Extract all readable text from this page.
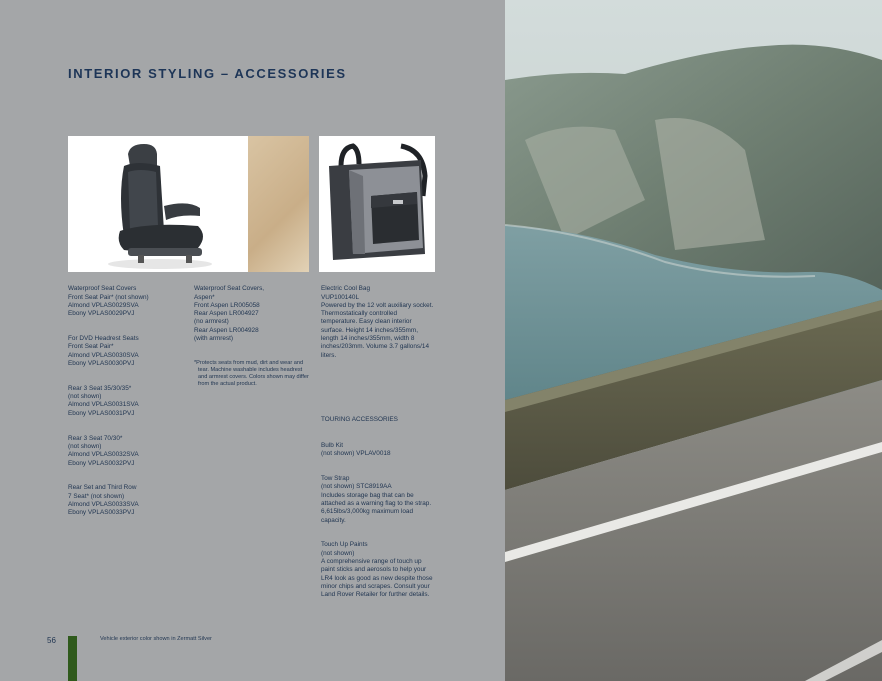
INTERIOR STYLING – ACCESSORIES

Waterproof Seat Covers
Front Seat Pair* (not shown)
Almond VPLAS0029SVA
Ebony VPLAS0029PVJ

For DVD Headrest Seats
Front Seat Pair*
Almond VPLAS0030SVA
Ebony VPLAS0030PVJ

Rear 3 Seat 35/30/35*
(not shown)
Almond VPLAS0031SVA
Ebony VPLAS0031PVJ

Rear 3 Seat 70/30*
(not shown)
Almond VPLAS0032SVA
Ebony VPLAS0032PVJ

Rear Set and Third Row
7 Seat* (not shown)
Almond VPLAS0033SVA
Ebony VPLAS0033PVJ

Waterproof Seat Covers,
Aspen*
Front Aspen LR005058
Rear Aspen LR004927
(no armrest)
Rear Aspen LR004928
(with armrest)

*Protects seats from mud, dirt and wear and tear. Machine washable includes headrest and armrest covers. Colors shown may differ from the actual product.

Electric Cool Bag
VUP100140L
Powered by the 12 volt auxiliary socket. Thermostatically controlled temperature. Easy clean interior surface. Height 14 inches/355mm, length 14 inches/355mm, width 8 inches/203mm. Volume 3.7 gallons/14 liters.

TOURING ACCESSORIES

Bulb Kit
(not shown) VPLAV0018

Tow Strap
(not shown) STC8919AA
Includes storage bag that can be attached as a warning flag to the strap. 6,615lbs/3,000kg maximum load capacity.

Touch Up Paints
(not shown)
A comprehensive range of touch up paint sticks and aerosols to help your LR4 look as good as new despite those minor chips and scrapes. Consult your Land Rover Retailer for further details.

56	Vehicle exterior color shown in Zermatt Silver
